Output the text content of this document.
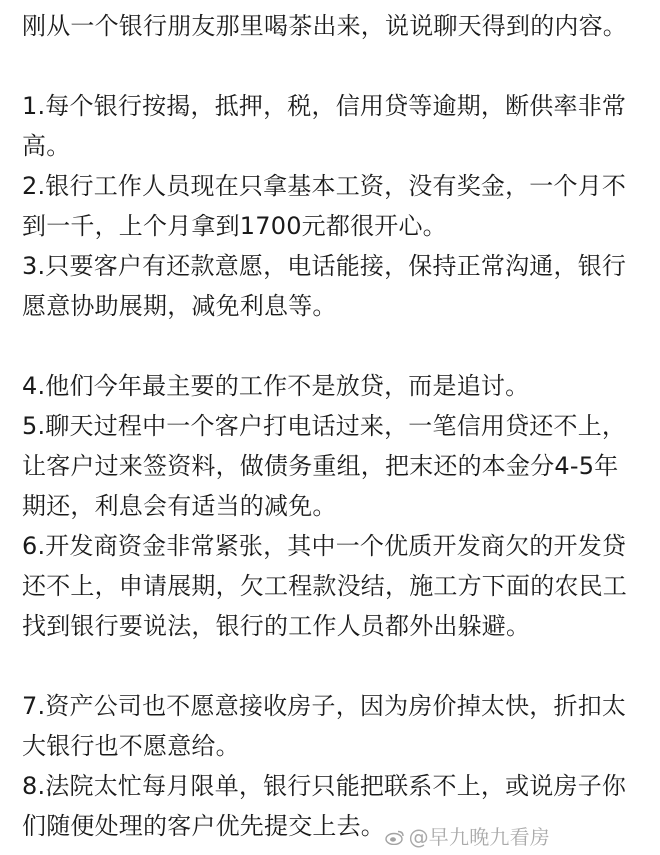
刚从一个银行朋友那里喝茶出来，说说聊天得到的内容。

1.每个银行按揭，抵押，税，信用贷等逾期，断供率非常高。

2.银行工作人员现在只拿基本工资，没有奖金，一个月不到一千，上个月拿到1700元都很开心。

3.只要客户有还款意愿，电话能接，保持正常沟通，银行愿意协助展期，减免利息等。

4.他们今年最主要的工作不是放贷，而是追讨。

5.聊天过程中一个客户打电话过来，一笔信用贷还不上，让客户过来签资料，做债务重组，把末还的本金分4-5年期还，利息会有适当的减免。

6.开发商资金非常紧张，其中一个优质开发商欠的开发贷还不上，申请展期，欠工程款没结，施工方下面的农民工找到银行要说法，银行的工作人员都外出躲避。

7.资产公司也不愿意接收房子，因为房价掉太快，折扣太大银行也不愿意给。

8.法院太忙每月限单，银行只能把联系不上，或说房子你们随便处理的客户优先提交上去。	@早九晚九看房
